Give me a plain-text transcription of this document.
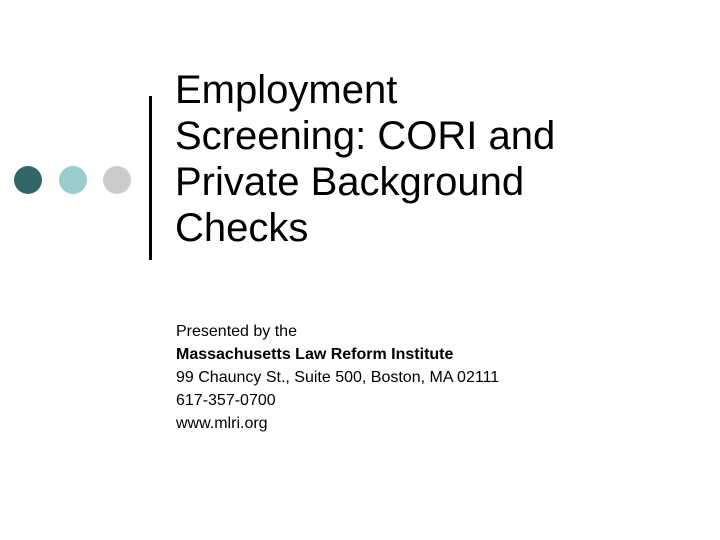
Employment
Screening: CORI and
Private Background
Checks
Presented by the
Massachusetts Law Reform Institute
99 Chauncy St., Suite 500, Boston, MA 02111
617-357-0700
www.mlri.org
